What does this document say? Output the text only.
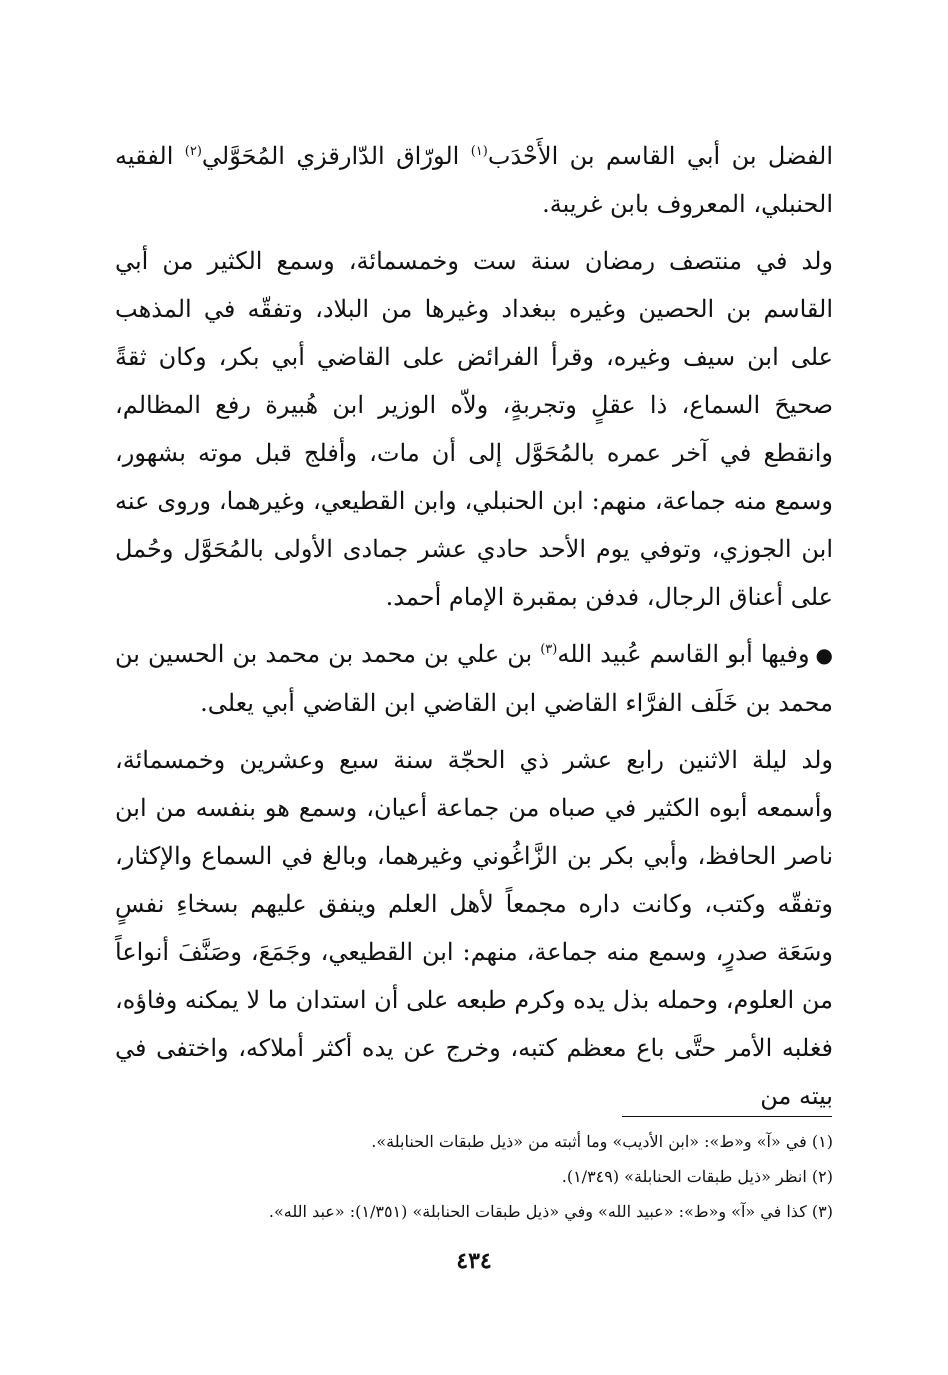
الفضل بن أبي القاسم بن الأَحْدَب$^{(١)}$ الورّاق الدّارقزي المُحَوَّلي$^{(٢)}$ الفقيه الحنبلي، المعروف بابن غريبة.

ولد في منتصف رمضان سنة ست وخمسمائة، وسمع الكثير من أبي القاسم بن الحصين وغيره ببغداد وغيرها من البلاد، وتفقّه في المذهب على ابن سيف وغيره، وقرأ الفرائض على القاضي أبي بكر، وكان ثقةً صحيحَ السماع، ذا عقلٍ وتجربةٍ، ولاّه الوزير ابن هُبيرة رفع المظالم، وانقطع في آخر عمره بالمُحَوَّل إلى أن مات، وأفلج قبل موته بشهور، وسمع منه جماعة، منهم: ابن الحنبلي، وابن القطيعي، وغيرهما، وروى عنه ابن الجوزي، وتوفي يوم الأحد حادي عشر جمادى الأولى بالمُحَوَّل وحُمل على أعناق الرجال، فدفن بمقبرة الإمام أحمد.

●وفيها أبو القاسم عُبيد الله$^{(٣)}$ بن علي بن محمد بن محمد بن الحسين بن محمد بن خَلَف الفرَّاء القاضي ابن القاضي ابن القاضي أبي يعلى.

ولد ليلة الاثنين رابع عشر ذي الحجّة سنة سبع وعشرين وخمسمائة، وأسمعه أبوه الكثير في صباه من جماعة أعيان، وسمع هو بنفسه من ابن ناصر الحافظ، وأبي بكر بن الزَّاغُوني وغيرهما، وبالغ في السماع والإكثار، وتفقّه وكتب، وكانت داره مجمعاً لأهل العلم وينفق عليهم بسخاءِ نفسٍ وسَعَة صدرٍ، وسمع منه جماعة، منهم: ابن القطيعي، وجَمَعَ، وصَنَّفَ أنواعاً من العلوم، وحمله بذل يده وكرم طبعه على أن استدان ما لا يمكنه وفاؤه، فغلبه الأمر حتَّى باع معظم كتبه، وخرج عن يده أكثر أملاكه، واختفى في بيته من

(١) في «آ» و«ط»: «ابن الأديب» وما أثبته من «ذيل طبقات الحنابلة».

(٢) انظر «ذيل طبقات الحنابلة» (١/٣٤٩).

(٣) كذا في «آ» و«ط»: «عبيد الله» وفي «ذيل طبقات الحنابلة» (١/٣٥١): «عبد الله».

٤٣٤
